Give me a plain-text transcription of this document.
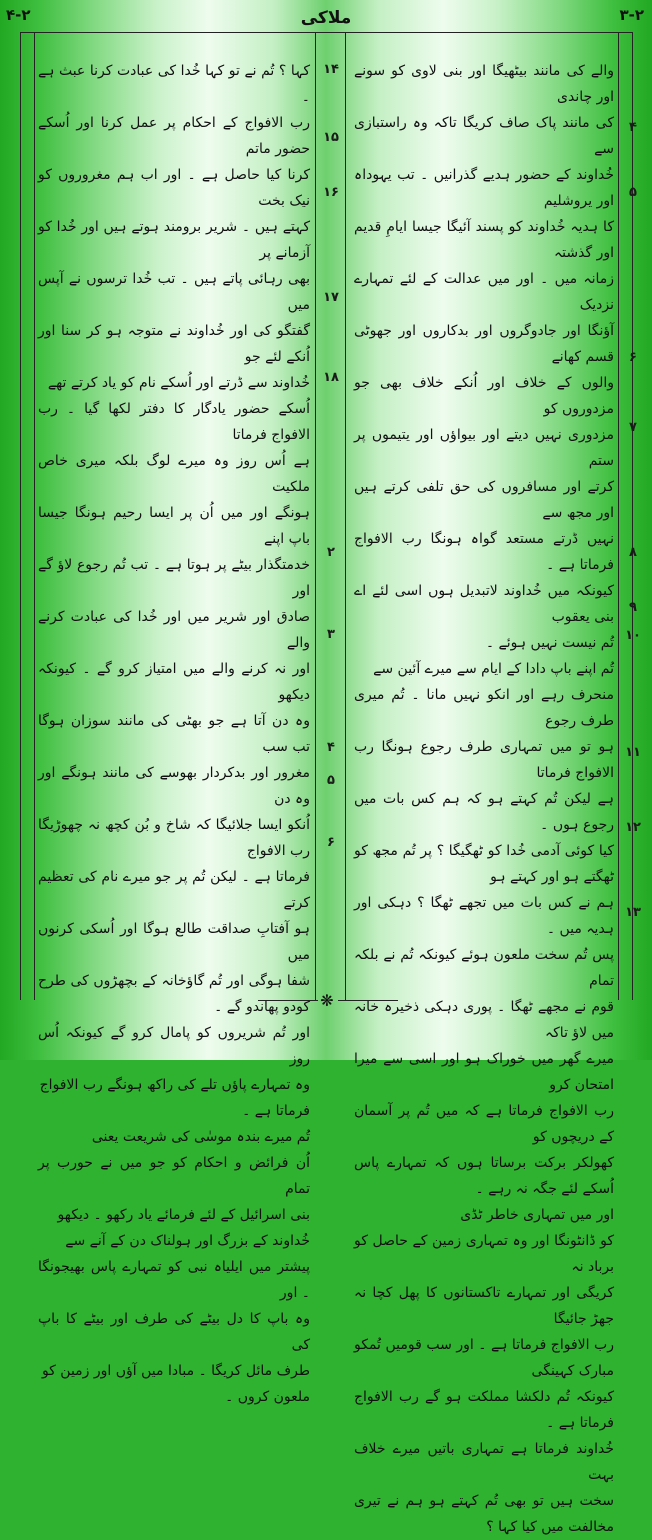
۴-۲	ملاکی	۳-۲

والے کی مانند بیٹھیگا اور بنی لاوی کو سونے اور چاندی

کی مانند پاک صاف کریگا تاکہ وہ راستبازی سے

خُداوند کے حضور ہدیے گذرانیں ۔ تب یہوداہ اور یروشلیم

کا ہدیہ خُداوند کو پسند آئیگا جیسا ایامِ قدیم اور گذشتہ

زمانہ میں ۔ اور میں عدالت کے لئے تمہارے نزدیک

آؤنگا اور جادوگروں اور بدکاروں اور جھوٹی قسم کھانے

والوں کے خلاف اور اُنکے خلاف بھی جو مزدوروں کو

مزدوری نہیں دیتے اور بیواؤں اور یتیموں پر ستم

کرتے اور مسافروں کی حق تلفی کرتے ہیں اور مجھ سے

نہیں ڈرتے مستعد گواہ ہونگا رب الافواج فرماتا ہے ۔

کیونکہ میں خُداوند لاتبدیل ہوں اسی لئے اے بنی یعقوب

تُم نیست نہیں ہوئے ۔

تُم اپنے باپ دادا کے ایام سے میرے آئین سے

منحرف رہے اور انکو نہیں مانا ۔ تُم میری طرف رجوع

ہو تو میں تمہاری طرف رجوع ہونگا رب الافواج فرماتا

ہے لیکن تُم کہتے ہو کہ ہم کس بات میں رجوع ہوں ۔

کیا کوئی آدمی خُدا کو ٹھگیگا ؟ پر تُم مجھ کو ٹھگتے ہو اور کہتے ہو

ہم نے کس بات میں تجھے ٹھگا ؟ دہکی اور ہدیہ میں ۔

پس تُم سخت ملعون ہوئے کیونکہ تُم نے بلکہ تمام

قوم نے مجھے ٹھگا ۔ پوری دہکی ذخیرہ خانہ میں لاؤ تاکہ

میرے گھر میں خوراک ہو اور اسی سے میرا امتحان کرو

رب الافواج فرماتا ہے کہ میں تُم پر آسمان کے دریچوں کو

کھولکر برکت برساتا ہوں کہ تمہارے پاس اُسکے لئے جگہ نہ رہے ۔

اور میں تمہاری خاطر ٹڈی

کو ڈانٹونگا اور وہ تمہاری زمین کے حاصل کو برباد نہ

کریگی اور تمہارے تاکستانوں کا پھل کچا نہ جھڑ جائیگا

رب الافواج فرماتا ہے ۔ اور سب قومیں تُمکو مبارک کہینگی

کیونکہ تُم دلکشا مملکت ہو گے رب الافواج فرماتا ہے ۔

خُداوند فرماتا ہے تمہاری باتیں میرے خلاف بہت

سخت ہیں تو بھی تُم کہتے ہو ہم نے تیری مخالفت میں کیا کہا ؟

کہا ؟ تُم نے تو کہا خُدا کی عبادت کرنا عبث ہے ۔

رب الافواج کے احکام پر عمل کرنا اور اُسکے حضور ماتم

کرنا کیا حاصل ہے ۔ اور اب ہم مغروروں کو نیک بخت

کہتے ہیں ۔ شریر برومند ہوتے ہیں اور خُدا کو آزمانے پر

بھی رہائی پاتے ہیں ۔ تب خُدا ترسوں نے آپس میں

گفتگو کی اور خُداوند نے متوجہ ہو کر سنا اور اُنکے لئے جو

خُداوند سے ڈرتے اور اُسکے نام کو یاد کرتے تھے

اُسکے حضور یادگار کا دفتر لکھا گیا ۔ رب الافواج فرماتا

ہے اُس روز وہ میرے لوگ بلکہ میری خاص ملکیت

ہونگے اور میں اُن پر ایسا رحیم ہونگا جیسا باپ اپنے

خدمتگذار بیٹے پر ہوتا ہے ۔ تب تُم رجوع لاؤ گے اور

صادق اور شریر میں اور خُدا کی عبادت کرنے والے

اور نہ کرنے والے میں امتیاز کرو گے ۔ کیونکہ دیکھو

وہ دن آتا ہے جو بھٹی کی مانند سوزان ہوگا تب سب

مغرور اور بدکردار بھوسے کی مانند ہونگے اور وہ دن

اُنکو ایسا جلائیگا کہ شاخ و بُن کچھ نہ چھوڑیگا رب الافواج

فرماتا ہے ۔ لیکن تُم پر جو میرے نام کی تعظیم کرتے

ہو آفتابِ صداقت طالع ہوگا اور اُسکی کرنوں میں

شفا ہوگی اور تُم گاؤخانہ کے بچھڑوں کی طرح کودو پھاندو گے ۔

اور تُم شریروں کو پامال کرو گے کیونکہ اُس روز

وہ تمہارے پاؤں تلے کی راکھ ہونگے رب الافواج

فرماتا ہے ۔

تُم میرے بندہ موسٰی کی شریعت یعنی

اُن فرائض و احکام کو جو میں نے حورب پر تمام

بنی اسرائیل کے لئے فرمائے یاد رکھو ۔ دیکھو

خُداوند کے بزرگ اور ہولناک دن کے آنے سے

پیشتر میں ایلیاہ نبی کو تمہارے پاس بھیجونگا ۔ اور

وہ باپ کا دل بیٹے کی طرف اور بیٹے کا باپ کی

طرف مائل کریگا ۔ مبادا میں آؤں اور زمین کو

ملعون کروں ۔

۴
۵
۶
۷
۸
۹
۱۰
۱۱
۱۲
۱۳
۱۴
۱۵
۱۶
۱۷
۱۸
۲
۳
۴
۵
۶
❋
